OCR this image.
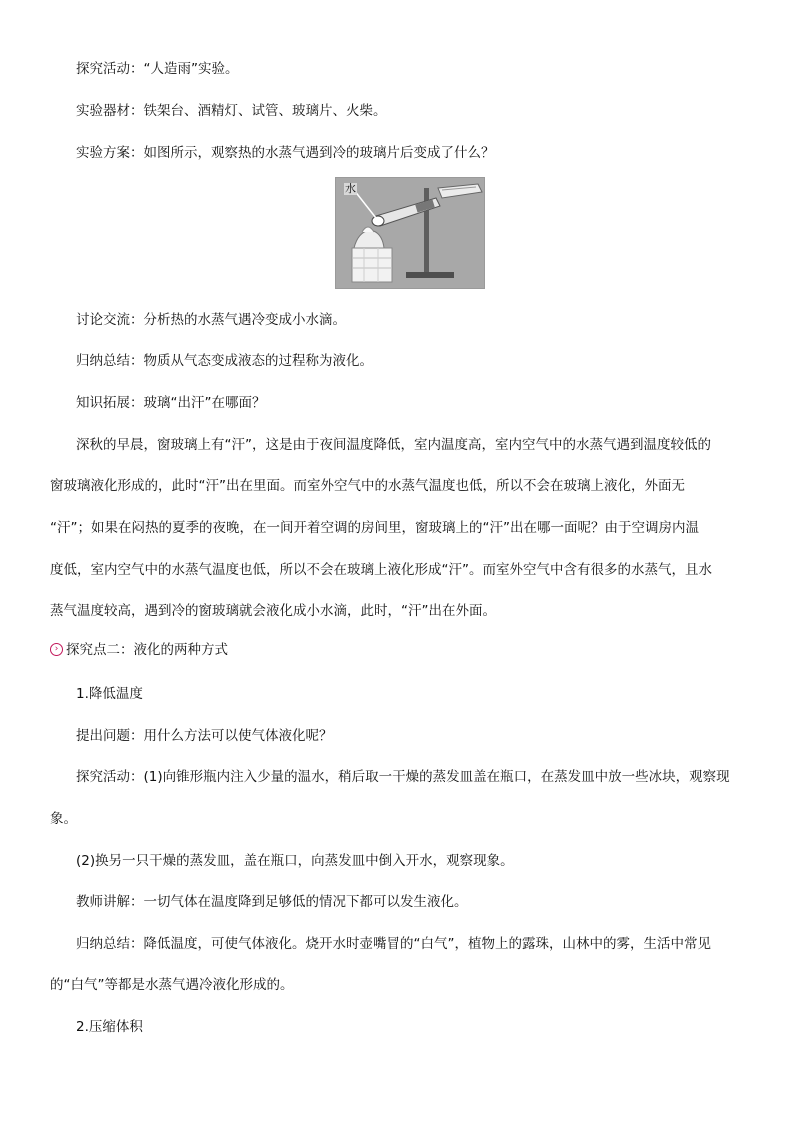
探究活动：“人造雨”实验。
实验器材：铁架台、酒精灯、试管、玻璃片、火柴。
实验方案：如图所示，观察热的水蒸气遇到冷的玻璃片后变成了什么？
水
讨论交流：分析热的水蒸气遇冷变成小水滴。
归纳总结：物质从气态变成液态的过程称为液化。
知识拓展：玻璃“出汗”在哪面？
深秋的早晨，窗玻璃上有“汗”，这是由于夜间温度降低，室内温度高，室内空气中的水蒸气遇到温度较低的
窗玻璃液化形成的，此时“汗”出在里面。而室外空气中的水蒸气温度也低，所以不会在玻璃上液化，外面无
“汗”；如果在闷热的夏季的夜晚，在一间开着空调的房间里，窗玻璃上的“汗”出在哪一面呢？由于空调房内温
度低，室内空气中的水蒸气温度也低，所以不会在玻璃上液化形成“汗”。而室外空气中含有很多的水蒸气，且水
蒸气温度较高，遇到冷的窗玻璃就会液化成小水滴，此时，“汗”出在外面。
› 探究点二：液化的两种方式
1.降低温度
提出问题：用什么方法可以使气体液化呢？
探究活动：(1)向锥形瓶内注入少量的温水，稍后取一干燥的蒸发皿盖在瓶口，在蒸发皿中放一些冰块，观察现
象。
(2)换另一只干燥的蒸发皿，盖在瓶口，向蒸发皿中倒入开水，观察现象。
教师讲解：一切气体在温度降到足够低的情况下都可以发生液化。
归纳总结：降低温度，可使气体液化。烧开水时壶嘴冒的“白气”，植物上的露珠，山林中的雾，生活中常见
的“白气”等都是水蒸气遇冷液化形成的。
2.压缩体积
